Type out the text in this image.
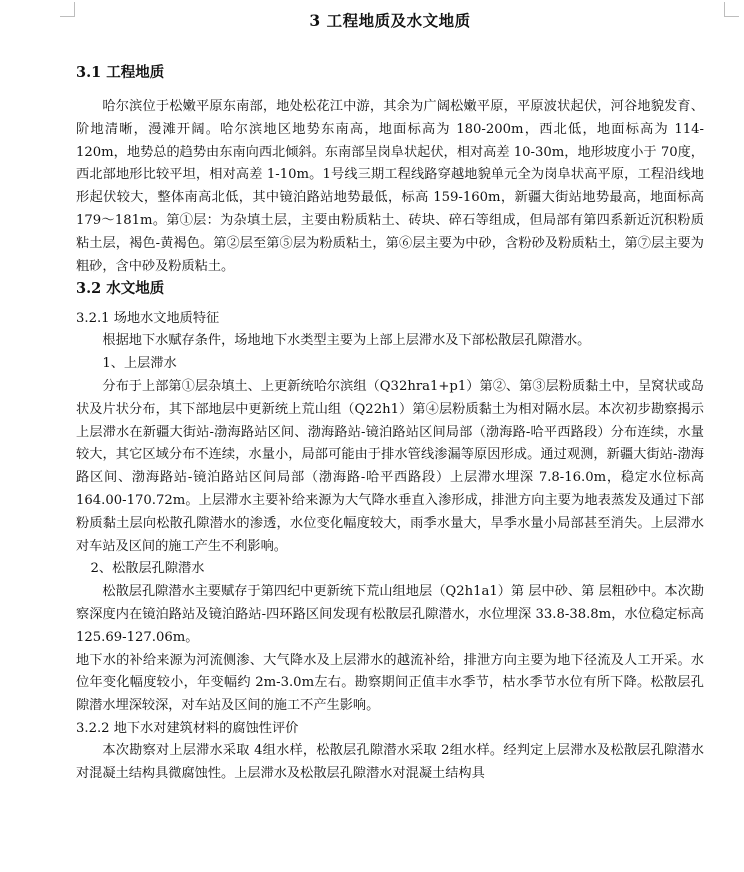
3 工程地质及水文地质
3.1 工程地质

哈尔滨位于松嫩平原东南部，地处松花江中游，其余为广阔松嫩平原，平原波状起伏，河谷地貌发育、阶地清晰，漫滩开阔。哈尔滨地区地势东南高，地面标高为 180-200m，西北低，地面标高为 114-120m，地势总的趋势由东南向西北倾斜。东南部呈岗阜状起伏，相对高差 10-30m，地形坡度小于 70度，西北部地形比较平坦，相对高差 1-10m。1号线三期工程线路穿越地貌单元全为岗阜状高平原，工程沿线地形起伏较大，整体南高北低，其中镜泊路站地势最低，标高 159-160m，新疆大街站地势最高，地面标高 179～181m。第①层：为杂填土层，主要由粉质粘土、砖块、碎石等组成，但局部有第四系新近沉积粉质粘土层，褐色-黄褐色。第②层至第⑤层为粉质粘土，第⑥层主要为中砂，含粉砂及粉质粘土，第⑦层主要为粗砂，含中砂及粉质粘土。

3.2 水文地质
3.2.1 场地水文地质特征

根据地下水赋存条件，场地地下水类型主要为上部上层滞水及下部松散层孔隙潜水。

1、上层滞水

分布于上部第①层杂填土、上更新统哈尔滨组（Q32hra1+p1）第②、第③层粉质黏土中，呈窝状或岛状及片状分布，其下部地层中更新统上荒山组（Q22h1）第④层粉质黏土为相对隔水层。本次初步勘察揭示上层滞水在新疆大街站-渤海路站区间、渤海路站-镜泊路站区间局部（渤海路-哈平西路段）分布连续，水量较大，其它区域分布不连续，水量小，局部可能由于排水管线渗漏等原因形成。通过观测，新疆大街站-渤海路区间、渤海路站-镜泊路站区间局部（渤海路-哈平西路段）上层滞水埋深 7.8-16.0m，稳定水位标高164.00-170.72m。上层滞水主要补给来源为大气降水垂直入渗形成，排泄方向主要为地表蒸发及通过下部粉质黏土层向松散孔隙潜水的渗透，水位变化幅度较大，雨季水量大，旱季水量小局部甚至消失。上层滞水对车站及区间的施工产生不利影响。

2、松散层孔隙潜水

松散层孔隙潜水主要赋存于第四纪中更新统下荒山组地层（Q2h1a1）第 层中砂、第 层粗砂中。本次勘察深度内在镜泊路站及镜泊路站-四环路区间发现有松散层孔隙潜水，水位埋深 33.8-38.8m，水位稳定标高 125.69-127.06m。

地下水的补给来源为河流侧渗、大气降水及上层滞水的越流补给，排泄方向主要为地下径流及人工开采。水位年变化幅度较小，年变幅约 2m-3.0m左右。勘察期间正值丰水季节，枯水季节水位有所下降。松散层孔隙潜水埋深较深，对车站及区间的施工不产生影响。

3.2.2 地下水对建筑材料的腐蚀性评价

本次勘察对上层滞水采取 4组水样，松散层孔隙潜水采取 2组水样。经判定上层滞水及松散层孔隙潜水对混凝土结构具微腐蚀性。上层滞水及松散层孔隙潜水对混凝土结构具
